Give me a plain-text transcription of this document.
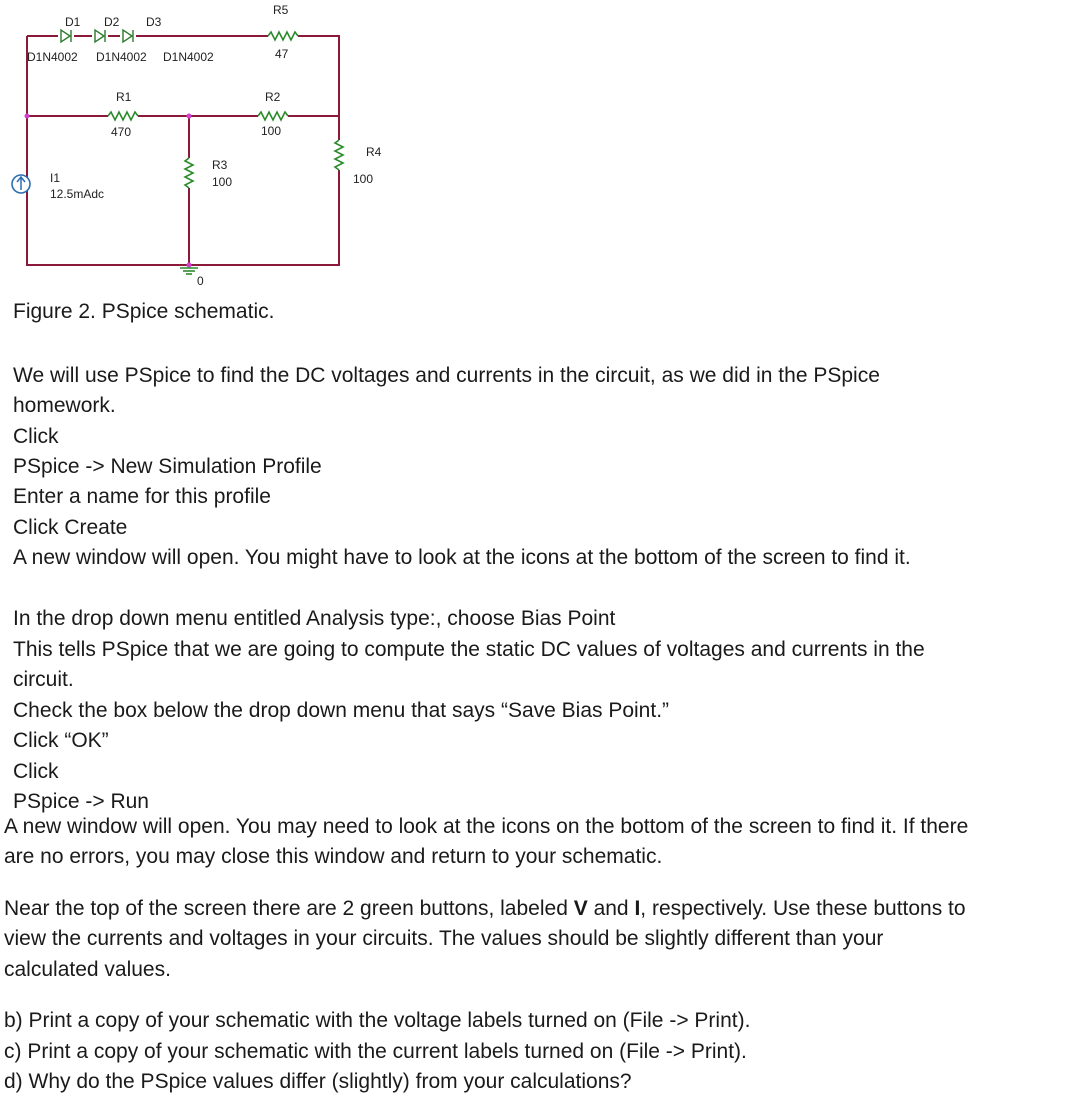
D1 D2 D3
D1N4002 D1N4002 D1N4002
R5
47
R1
470
R2
100
R3
100
R4
100
I1
12.5mAdc
0
Figure 2. PSpice schematic.
We will use PSpice to find the DC voltages and currents in the circuit, as we did in the PSpice homework.
Click
PSpice -> New Simulation Profile
Enter a name for this profile
Click Create
A new window will open. You might have to look at the icons at the bottom of the screen to find it.
In the drop down menu entitled Analysis type:, choose Bias Point
This tells PSpice that we are going to compute the static DC values of voltages and currents in the circuit.
Check the box below the drop down menu that says “Save Bias Point.”
Click “OK”
Click
PSpice -> Run
A new window will open. You may need to look at the icons on the bottom of the screen to find it. If there are no errors, you may close this window and return to your schematic.
Near the top of the screen there are 2 green buttons, labeled V and I, respectively. Use these buttons to view the currents and voltages in your circuits. The values should be slightly different than your calculated values.
b) Print a copy of your schematic with the voltage labels turned on (File -> Print).
c) Print a copy of your schematic with the current labels turned on (File -> Print).
d) Why do the PSpice values differ (slightly) from your calculations?
